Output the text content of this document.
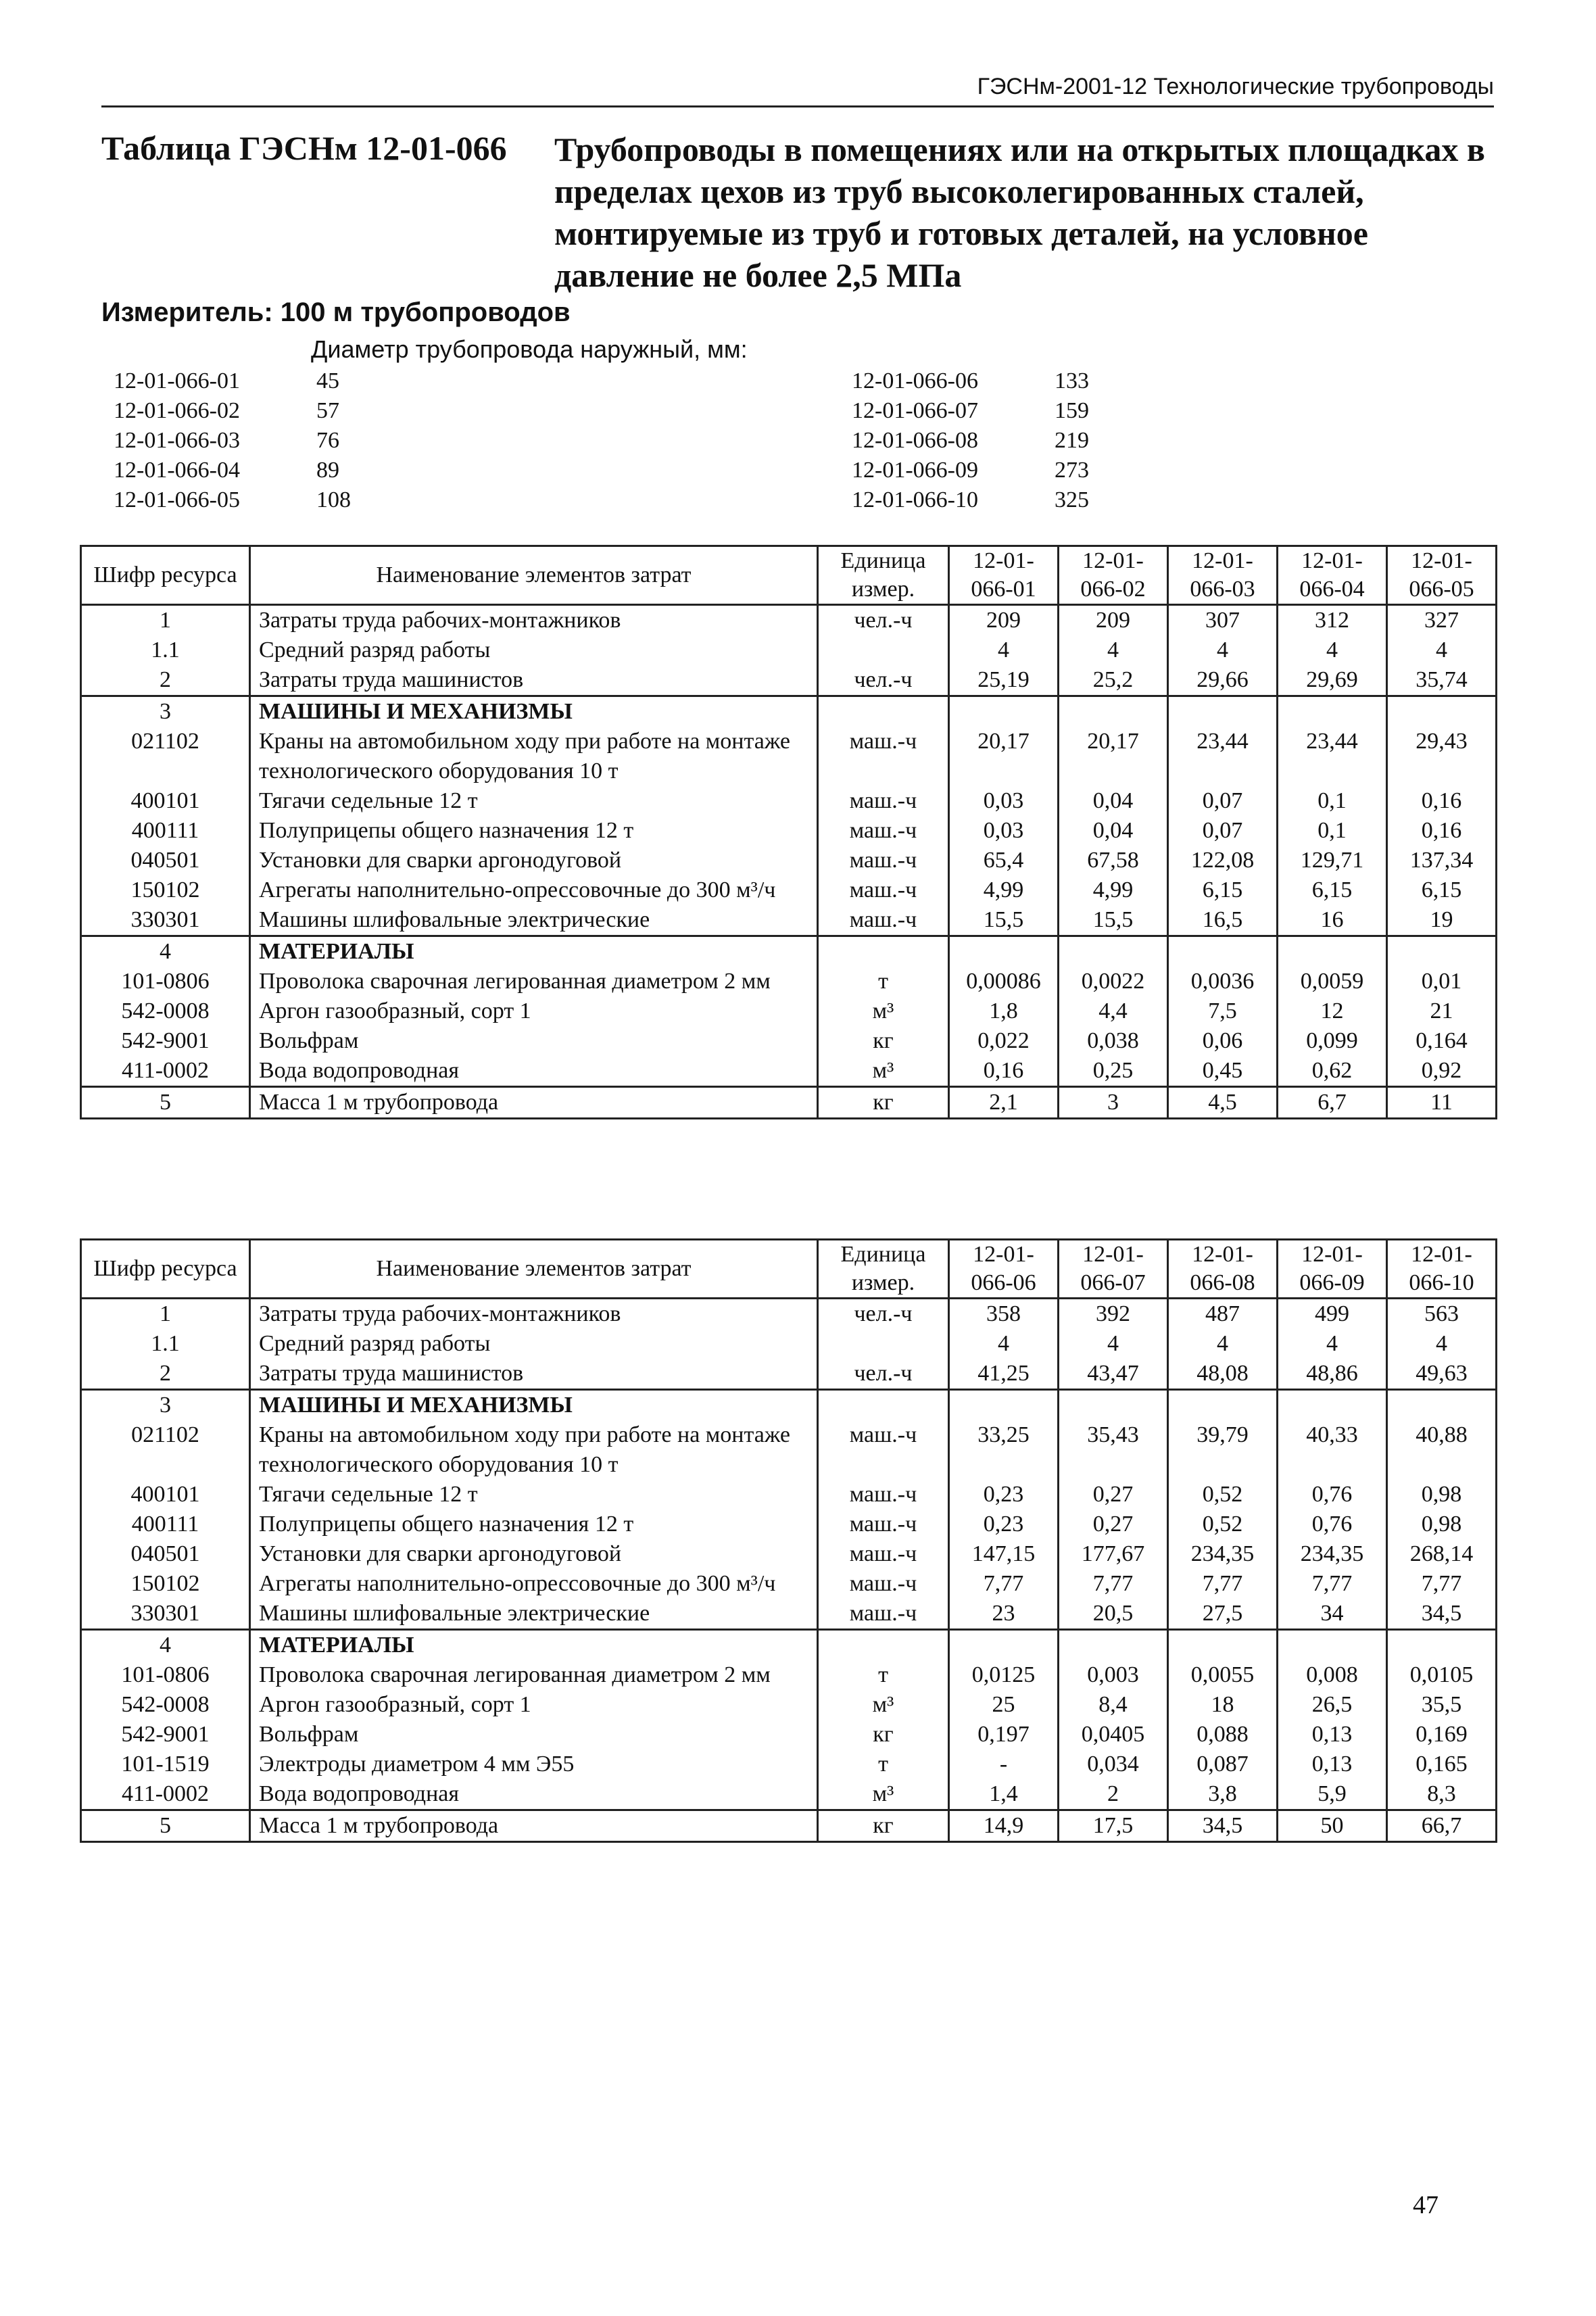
ГЭСНм-2001-12 Технологические трубопроводы
Таблица ГЭСНм 12-01-066 Трубопроводы в помещениях или на открытых площадках в пределах цехов из труб высоколегированных сталей, монтируемые из труб и готовых деталей, на условное давление не более 2,5 МПа
Измеритель: 100 м трубопроводов
Диаметр трубопровода наружный, мм:
12-01-066-01	45
12-01-066-02	57
12-01-066-03	76
12-01-066-04	89
12-01-066-05	108
12-01-066-06	133
12-01-066-07	159
12-01-066-08	219
12-01-066-09	273
12-01-066-10	325
Шифр ресурса	Наименование элементов затрат	Единица измер.	12-01-066-01	12-01-066-02	12-01-066-03	12-01-066-04	12-01-066-05
1	Затраты труда рабочих-монтажников	чел.-ч	209	209	307	312	327
1.1	Средний разряд работы		4	4	4	4	4
2	Затраты труда машинистов	чел.-ч	25,19	25,2	29,66	29,69	35,74
3	МАШИНЫ И МЕХАНИЗМЫ						
021102	Краны на автомобильном ходу при работе на монтаже технологического оборудования 10 т	маш.-ч	20,17	20,17	23,44	23,44	29,43
400101	Тягачи седельные 12 т	маш.-ч	0,03	0,04	0,07	0,1	0,16
400111	Полуприцепы общего назначения 12 т	маш.-ч	0,03	0,04	0,07	0,1	0,16
040501	Установки для сварки аргонодуговой	маш.-ч	65,4	67,58	122,08	129,71	137,34
150102	Агрегаты наполнительно-опрессовочные до 300 м³/ч	маш.-ч	4,99	4,99	6,15	6,15	6,15
330301	Машины шлифовальные электрические	маш.-ч	15,5	15,5	16,5	16	19
4	МАТЕРИАЛЫ						
101-0806	Проволока сварочная легированная диаметром 2 мм	т	0,00086	0,0022	0,0036	0,0059	0,01
542-0008	Аргон газообразный, сорт 1	м³	1,8	4,4	7,5	12	21
542-9001	Вольфрам	кг	0,022	0,038	0,06	0,099	0,164
411-0002	Вода водопроводная	м³	0,16	0,25	0,45	0,62	0,92
5	Масса 1 м трубопровода	кг	2,1	3	4,5	6,7	11
Шифр ресурса	Наименование элементов затрат	Единица измер.	12-01-066-06	12-01-066-07	12-01-066-08	12-01-066-09	12-01-066-10
1	Затраты труда рабочих-монтажников	чел.-ч	358	392	487	499	563
1.1	Средний разряд работы		4	4	4	4	4
2	Затраты труда машинистов	чел.-ч	41,25	43,47	48,08	48,86	49,63
3	МАШИНЫ И МЕХАНИЗМЫ						
021102	Краны на автомобильном ходу при работе на монтаже технологического оборудования 10 т	маш.-ч	33,25	35,43	39,79	40,33	40,88
400101	Тягачи седельные 12 т	маш.-ч	0,23	0,27	0,52	0,76	0,98
400111	Полуприцепы общего назначения 12 т	маш.-ч	0,23	0,27	0,52	0,76	0,98
040501	Установки для сварки аргонодуговой	маш.-ч	147,15	177,67	234,35	234,35	268,14
150102	Агрегаты наполнительно-опрессовочные до 300 м³/ч	маш.-ч	7,77	7,77	7,77	7,77	7,77
330301	Машины шлифовальные электрические	маш.-ч	23	20,5	27,5	34	34,5
4	МАТЕРИАЛЫ						
101-0806	Проволока сварочная легированная диаметром 2 мм	т	0,0125	0,003	0,0055	0,008	0,0105
542-0008	Аргон газообразный, сорт 1	м³	25	8,4	18	26,5	35,5
542-9001	Вольфрам	кг	0,197	0,0405	0,088	0,13	0,169
101-1519	Электроды диаметром 4 мм Э55	т	-	0,034	0,087	0,13	0,165
411-0002	Вода водопроводная	м³	1,4	2	3,8	5,9	8,3
5	Масса 1 м трубопровода	кг	14,9	17,5	34,5	50	66,7
47
